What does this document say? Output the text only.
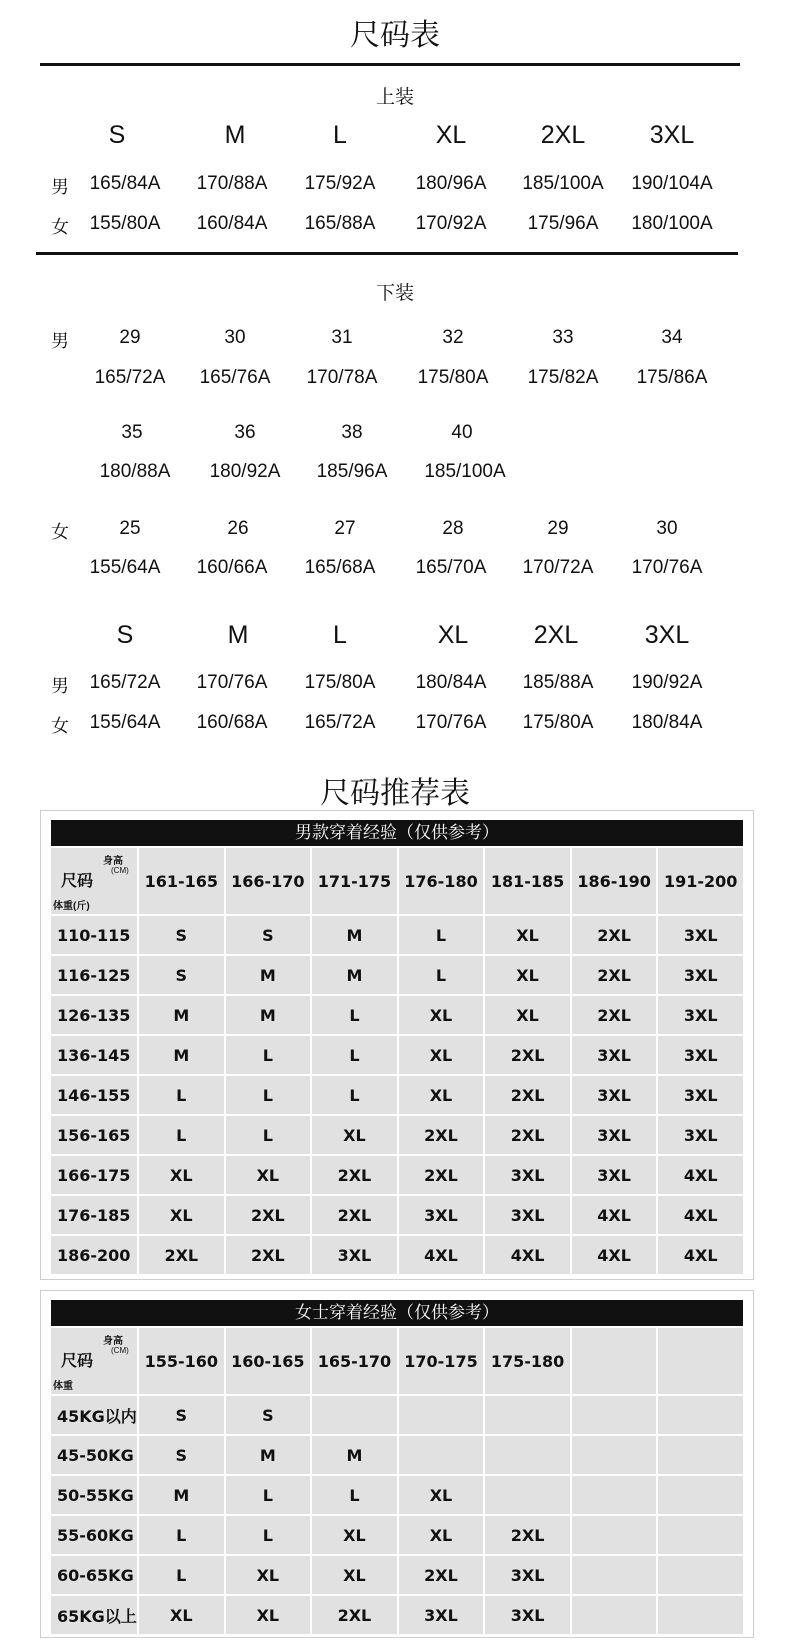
尺码表
上装
S	M	L	XL	2XL	3XL
男	165/84A	170/88A	175/92A	180/96A	185/100A	190/104A
女	155/80A	160/84A	165/88A	170/92A	175/96A	180/100A
下装
男	29	30	31	32	33	34
165/72A	165/76A	170/78A	175/80A	175/82A	175/86A
35	36	38	40
180/88A	180/92A	185/96A	185/100A
女	25	26	27	28	29	30
155/64A	160/66A	165/68A	165/70A	170/72A	170/76A
S	M	L	XL	2XL	3XL
男	165/72A	170/76A	175/80A	180/84A	185/88A	190/92A
女	155/64A	160/68A	165/72A	170/76A	175/80A	180/84A
尺码推荐表
男款穿着经验（仅供参考）
身高
(CM)
尺码
体重(斤)
161-165 166-170 171-175 176-180 181-185 186-190 191-200
110-115	S	S	M	L	XL	2XL	3XL
116-125	S	M	M	L	XL	2XL	3XL
126-135	M	M	L	XL	XL	2XL	3XL
136-145	M	L	L	XL	2XL	3XL	3XL
146-155	L	L	L	XL	2XL	3XL	3XL
156-165	L	L	XL	2XL	2XL	3XL	3XL
166-175	XL	XL	2XL	2XL	3XL	3XL	4XL
176-185	XL	2XL	2XL	3XL	3XL	4XL	4XL
186-200	2XL	2XL	3XL	4XL	4XL	4XL	4XL
女士穿着经验（仅供参考）
身高
(CM)
尺码
体重
155-160 160-165 165-170 170-175 175-180
45KG以内	S	S
45-50KG	S	M	M
50-55KG	M	L	L	XL
55-60KG	L	L	XL	XL	2XL
60-65KG	L	XL	XL	2XL	3XL
65KG以上	XL	XL	2XL	3XL	3XL
